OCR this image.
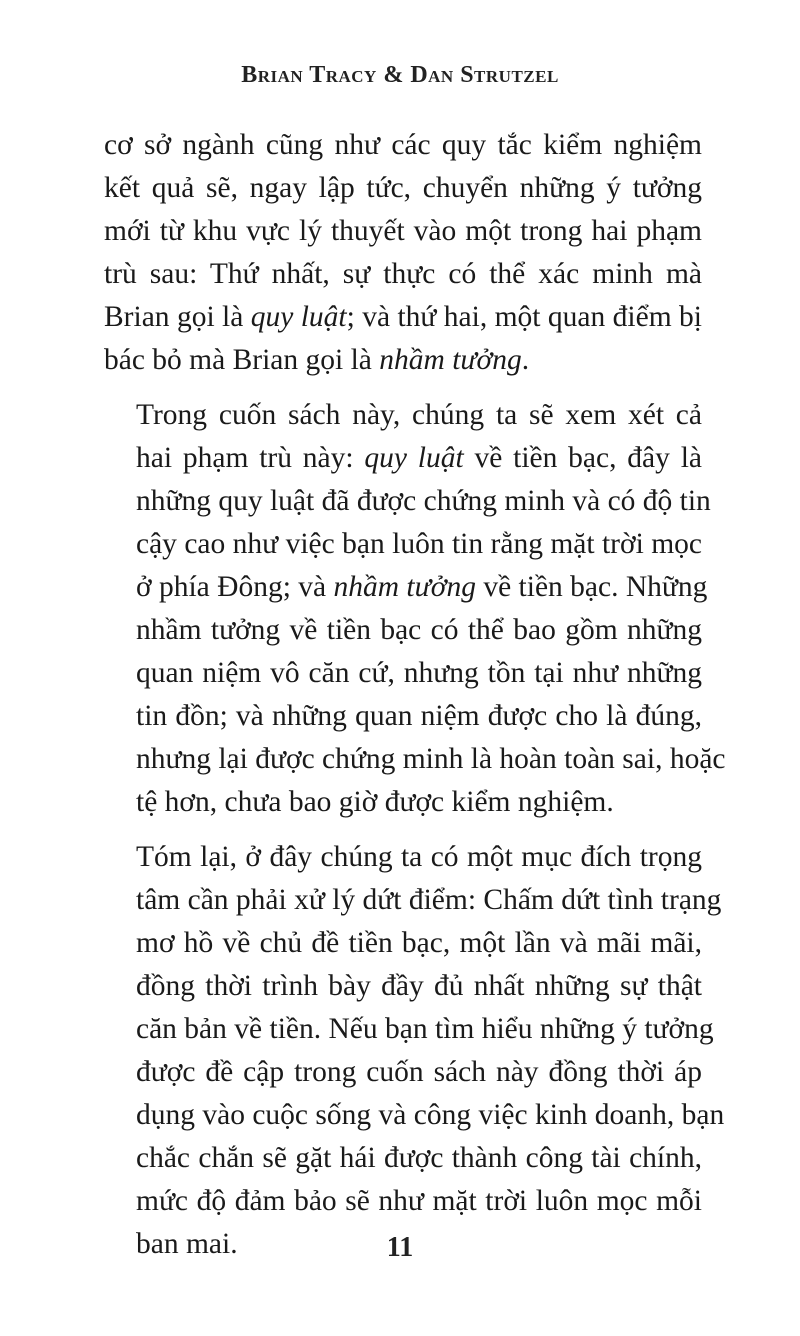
Brian Tracy & Dan Strutzel

cơ sở ngành cũng như các quy tắc kiểm nghiệm
kết quả sẽ, ngay lập tức, chuyển những ý tưởng
mới từ khu vực lý thuyết vào một trong hai phạm
trù sau: Thứ nhất, sự thực có thể xác minh mà
Brian gọi là quy luật; và thứ hai, một quan điểm bị
bác bỏ mà Brian gọi là nhầm tưởng.

Trong cuốn sách này, chúng ta sẽ xem xét cả
hai phạm trù này: quy luật về tiền bạc, đây là
những quy luật đã được chứng minh và có độ tin
cậy cao như việc bạn luôn tin rằng mặt trời mọc
ở phía Đông; và nhầm tưởng về tiền bạc. Những
nhầm tưởng về tiền bạc có thể bao gồm những
quan niệm vô căn cứ, nhưng tồn tại như những
tin đồn; và những quan niệm được cho là đúng,
nhưng lại được chứng minh là hoàn toàn sai, hoặc
tệ hơn, chưa bao giờ được kiểm nghiệm.

Tóm lại, ở đây chúng ta có một mục đích trọng
tâm cần phải xử lý dứt điểm: Chấm dứt tình trạng
mơ hồ về chủ đề tiền bạc, một lần và mãi mãi,
đồng thời trình bày đầy đủ nhất những sự thật
căn bản về tiền. Nếu bạn tìm hiểu những ý tưởng
được đề cập trong cuốn sách này đồng thời áp
dụng vào cuộc sống và công việc kinh doanh, bạn
chắc chắn sẽ gặt hái được thành công tài chính,
mức độ đảm bảo sẽ như mặt trời luôn mọc mỗi
ban mai.	11
